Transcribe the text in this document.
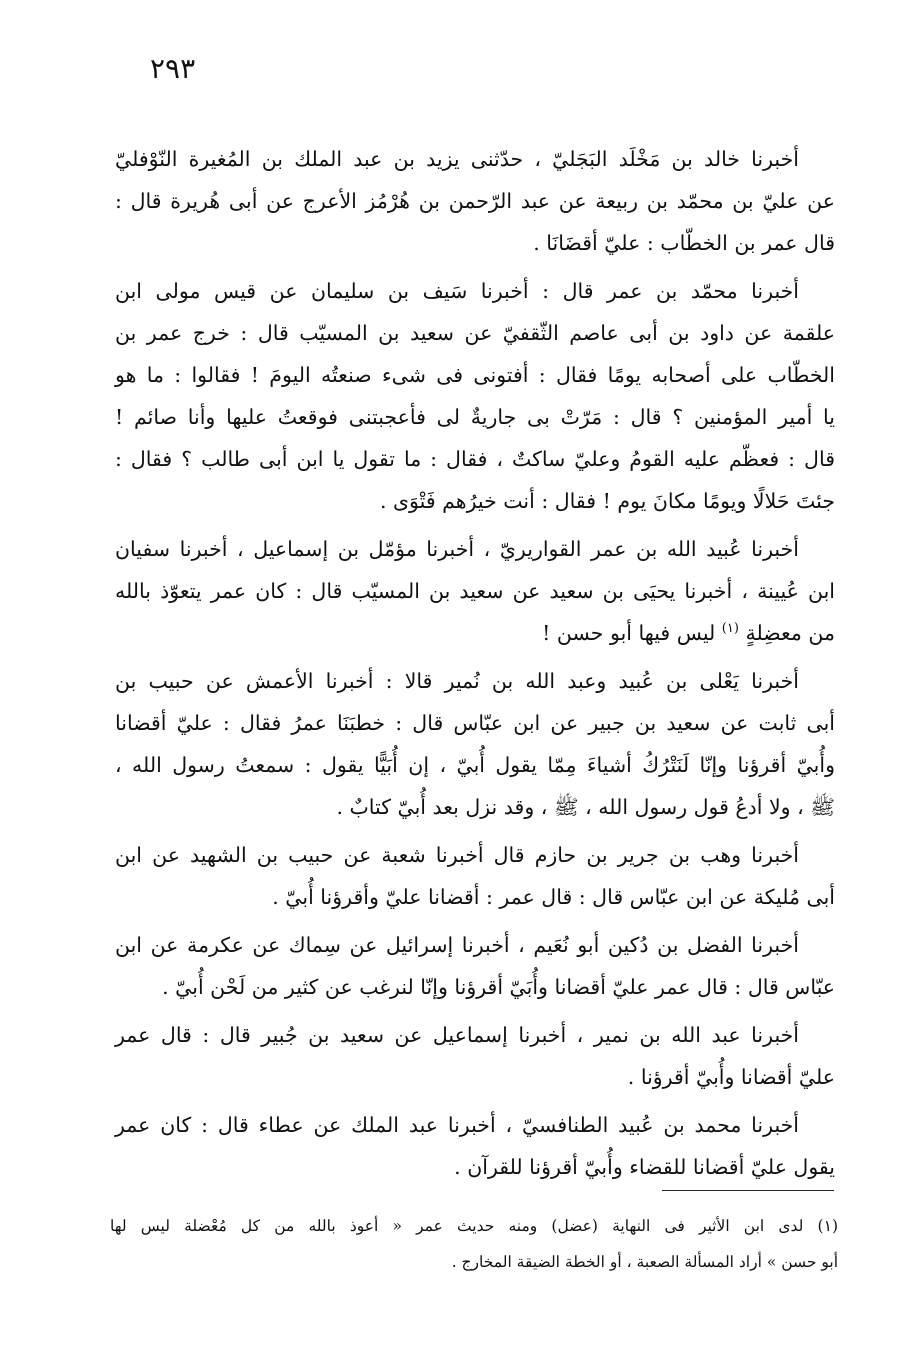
٢٩٣
أخبرنا خالد بن مَخْلَد البَجَليّ ، حدّثنى يزيد بن عبد الملك بن المُغيرة النّوْفليّ
عن عليّ بن محمّد بن ربيعة عن عبد الرّحمن بن هُرْمُز الأعرج عن أبى هُريرة قال :
قال عمر بن الخطّاب : عليّ أقضَانَا .
أخبرنا محمّد بن عمر قال : أخبرنا سَيف بن سليمان عن قيس مولى ابن
علقمة عن داود بن أبى عاصم الثّقفيّ عن سعيد بن المسيّب قال : خرج عمر بن
الخطّاب على أصحابه يومًا فقال : أفتونى فى شىء صنعتُه اليومَ ! فقالوا : ما هو
يا أمير المؤمنين ؟ قال : مَرّتْ بى جاريةٌ لى فأعجبتنى فوقعتُ عليها وأنا صائم !
قال : فعظّم عليه القومُ وعليّ ساكتٌ ، فقال : ما تقول يا ابن أبى طالب ؟ فقال :
جئتَ حَلالًا ويومًا مكانَ يوم ! فقال : أنت خيرُهم فَتْوَى .
أخبرنا عُبيد الله بن عمر القواريريّ ، أخبرنا مؤمّل بن إسماعيل ، أخبرنا سفيان
ابن عُيينة ، أخبرنا يحيَى بن سعيد عن سعيد بن المسيّب قال : كان عمر يتعوّذ بالله
من معضِلةٍ $^{(١)}$ ليس فيها أبو حسن !
أخبرنا يَعْلى بن عُبيد وعبد الله بن نُمير قالا : أخبرنا الأعمش عن حبيب بن
أبى ثابت عن سعيد بن جبير عن ابن عبّاس قال : خطبَنَا عمرُ فقال : عليّ أقضانا
وأُبيّ أقرؤنا وإنّا لَنَتْرُكُ أشياءَ مِمّا يقول أُبيّ ، إن أُبَيًّا يقول : سمعتُ رسول الله ،
ﷺ ، ولا أدعُ قول رسول الله ، ﷺ ، وقد نزل بعد أُبيّ كتابٌ .
أخبرنا وهب بن جرير بن حازم قال أخبرنا شعبة عن حبيب بن الشهيد عن ابن
أبى مُليكة عن ابن عبّاس قال : قال عمر : أقضانا عليّ وأقرؤنا أُبيّ .
أخبرنا الفضل بن دُكين أبو نُعَيم ، أخبرنا إسرائيل عن سِماك عن عكرمة عن ابن
عبّاس قال : قال عمر عليّ أقضانا وأُبَيّ أقرؤنا وإنّا لنرغب عن كثير من لَحْن أُبيّ .
أخبرنا عبد الله بن نمير ، أخبرنا إسماعيل عن سعيد بن جُبير قال : قال عمر
عليّ أقضانا وأُبيّ أقرؤنا .
أخبرنا محمد بن عُبيد الطنافسيّ ، أخبرنا عبد الملك عن عطاء قال : كان عمر
يقول عليّ أقضانا للقضاء وأُبيّ أقرؤنا للقرآن .
(١) لدى ابن الأثير فى النهاية (عضل) ومنه حديث عمر « أعوذ بالله من كل مُعْضلة ليس لها
أبو حسن » أراد المسألة الصعبة ، أو الخطة الضيقة المخارج .
